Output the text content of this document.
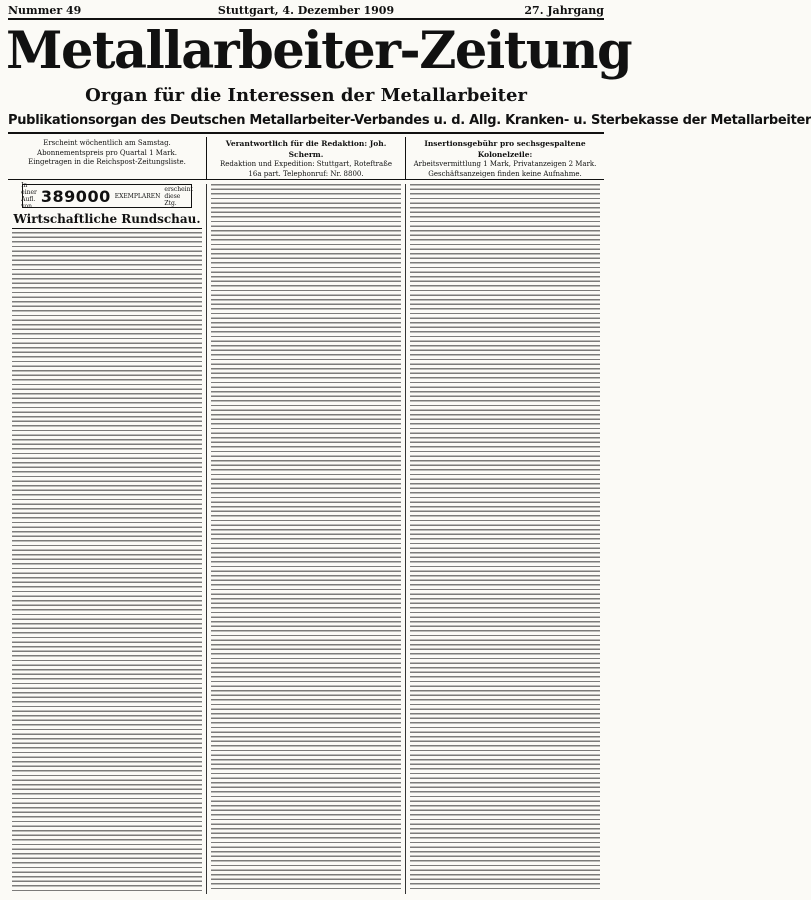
Nummer 49	Stuttgart, 4. Dezember 1909	27. Jahrgang
Metallarbeiter-Zeitung
Organ für die Interessen der Metallarbeiter
Publikationsorgan des Deutschen Metallarbeiter-Verbandes u. d. Allg. Kranken- u. Sterbekasse der Metallarbeiter
Erscheint wöchentlich am Samstag. Abonnementspreis pro Quartal 1 Mark. Eingetragen in die Reichspost-Zeitungsliste.
Verantwortlich für die Redaktion: Joh. Scherm.
Redaktion und Expedition: Stuttgart, Roteftraße 16a part. Telephonruf: Nr. 8800.
Insertionsgebühr pro sechsgespaltene Kolonelzeile:
Arbeitsvermittlung 1 Mark, Privatanzeigen 2 Mark. Geschäftsanzeigen finden keine Aufnahme.
In einer Aufl. von
389000 EXEMPLAREN
erscheint diese Ztg.
Wirtschaftliche Rundschau.
